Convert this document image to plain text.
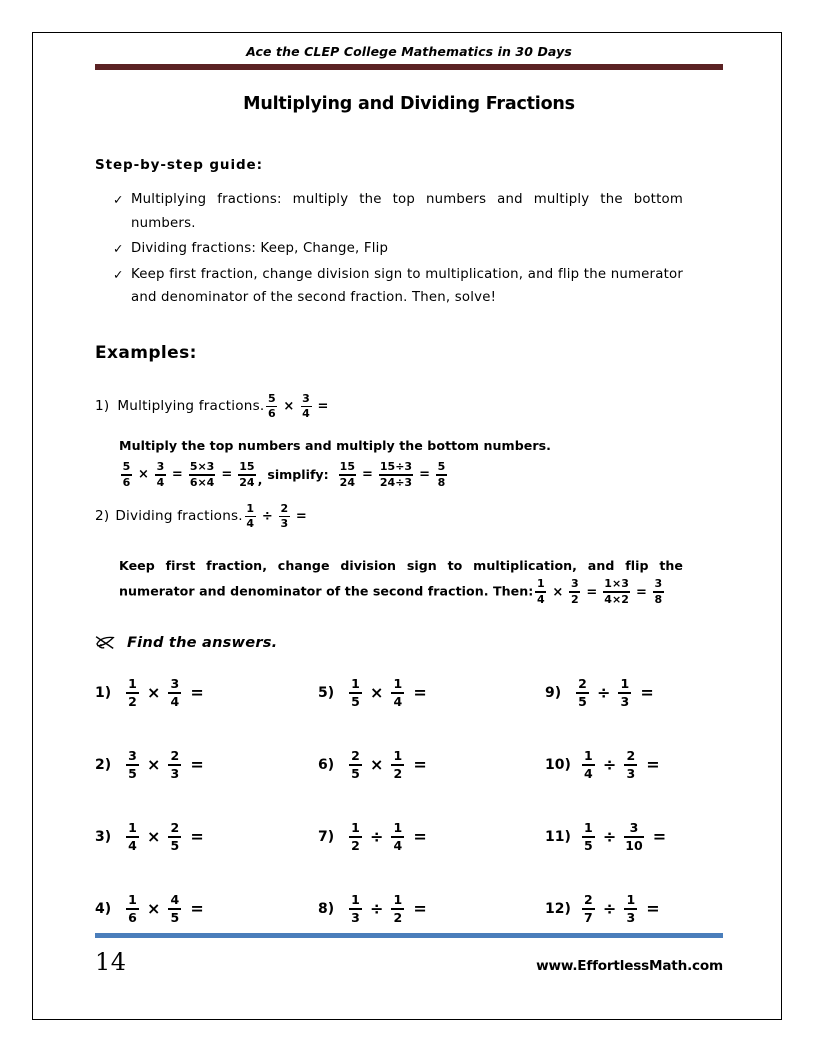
Ace the CLEP College Mathematics in 30 Days
Multiplying and Dividing Fractions
Step-by-step guide:
✓ Multiplying fractions: multiply the top numbers and multiply the bottom numbers.
✓ Dividing fractions: Keep, Change, Flip
✓ Keep first fraction, change division sign to multiplication, and flip the numerator and denominator of the second fraction. Then, solve!
Examples:
1) Multiplying fractions. $\frac{5}{6} \times \frac{3}{4}$ =
Multiply the top numbers and multiply the bottom numbers.
$\frac{5}{6} \times \frac{3}{4} = \frac{5\times 3}{6\times 4} = \frac{15}{24}$ , simplify: $\frac{15}{24} = \frac{15\div 3}{24\div 3} = \frac{5}{8}$
2) Dividing fractions. $\frac{1}{4} \div \frac{2}{3}$ =
Keep first fraction, change division sign to multiplication, and flip the numerator and denominator of the second fraction. Then: $\frac{1}{4} \times \frac{3}{2} = \frac{1\times 3}{4\times 2} = \frac{3}{8}$
Find the answers.
1)	$\frac{1}{2} \times \frac{3}{4}$ =	5)	$\frac{1}{5} \times \frac{1}{4}$ =	9)	$\frac{2}{5} \div \frac{1}{3}$ =
2)	$\frac{3}{5} \times \frac{2}{3}$ =	6)	$\frac{2}{5} \times \frac{1}{2}$ =	$10) \frac{1}{4} \div \frac{2}{3}$ =
3)	$\frac{1}{4} \times \frac{2}{5}$ =	7)	$\frac{1}{2} \div \frac{1}{4}$ =	$11) \frac{1}{5} \div \frac{3}{10}$ =
4)	$\frac{1}{6} \times \frac{4}{5}$ =	8)	$\frac{1}{3} \div \frac{1}{2}$ =	$12) \frac{2}{7} \div \frac{1}{3}$ =
14	www.EffortlessMath.com
